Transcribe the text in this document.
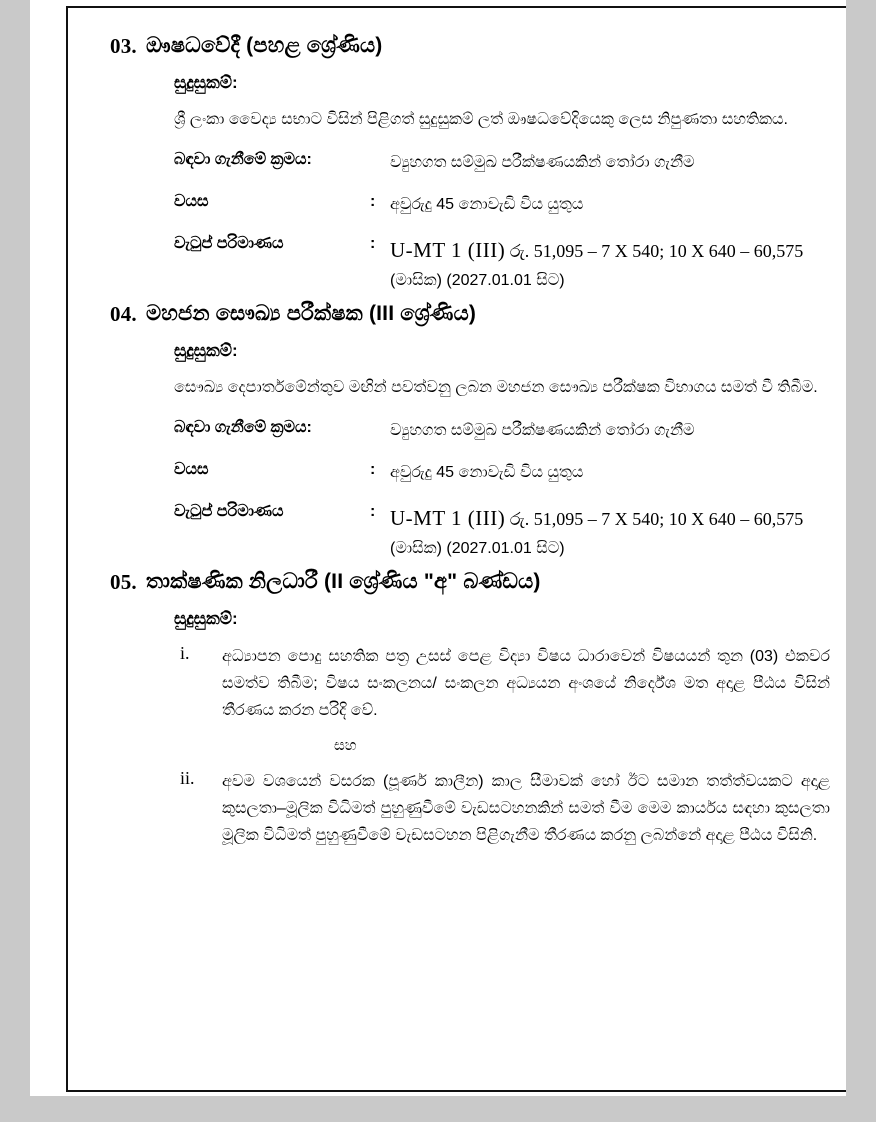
03. ඖෂධවේදී (පහළ ශ්‍රේණිය)
සුදුසුකම්:
ශ්‍රී ලංකා වෛද්‍ය සභාට විසින් පිළිගත් සුදුසුකම් ලත් ඖෂධවේදියෙකු ලෙස නිපුණතා සහතිකය.
බඳවා ගැනීමේ ක්‍රමය:	ව්‍යුහගත සම්මුඛ පරීක්ෂණයකින් තෝරා ගැනීම
වයස	: අවුරුදු 45 නොවැඩි විය යුතුය
වැටුප් පරිමාණය	: U-MT 1 (III) රු. 51,095 – 7 X 540; 10 X 640 – 60,575
(මාසික) (2027.01.01 සිට)
04. මහජන සෞඛ්‍ය පරීක්ෂක (III ශ්‍රේණිය)
සුදුසුකම්:
සෞඛ්‍ය දෙපාර්තමේන්තුව මඟින් පවත්වනු ලබන මහජන සෞඛ්‍ය පරීක්ෂක විභාගය සමත් වී තිබීම.
බඳවා ගැනීමේ ක්‍රමය:	ව්‍යුහගත සම්මුඛ පරීක්ෂණයකින් තෝරා ගැනීම
වයස	: අවුරුදු 45 නොවැඩි විය යුතුය
වැටුප් පරිමාණය	: U-MT 1 (III) රු. 51,095 – 7 X 540; 10 X 640 – 60,575
(මාසික) (2027.01.01 සිට)
05. තාක්ෂණික නිලධාරී (II ශ්‍රේණිය "අ" බණ්ඩය)
සුදුසුකම්:
i.	අධ්‍යාපන පොදු සහතික පත්‍ර උසස් පෙළ විද්‍යා විෂය ධාරාවෙන් විෂයයන් තුන (03) එකවර සමත්ව තිබීම; විෂය සංකලනය/ සංකලන අධ්‍යයන අංශයේ නිර්දේශ මත අදාළ පීඨය විසින් තීරණය කරන පරිදි වේ.
සහ
ii.	අවම වශයෙන් වසරක (පූර්ණ කාලීන) කාල සීමාවක් හෝ ඊට සමාන තත්ත්වයකට අදාළ කුසලතා–මූලික විධිමත් පුහුණුවීමේ වැඩසටහනකින් සමත් වීම මෙම කාර්යය සඳහා කුසලතා මූලික විධිමත් පුහුණුවීමේ වැඩසටහන පිළිගැනීම තීරණය කරනු ලබන්නේ අදාළ පීඨය විසිනි.
